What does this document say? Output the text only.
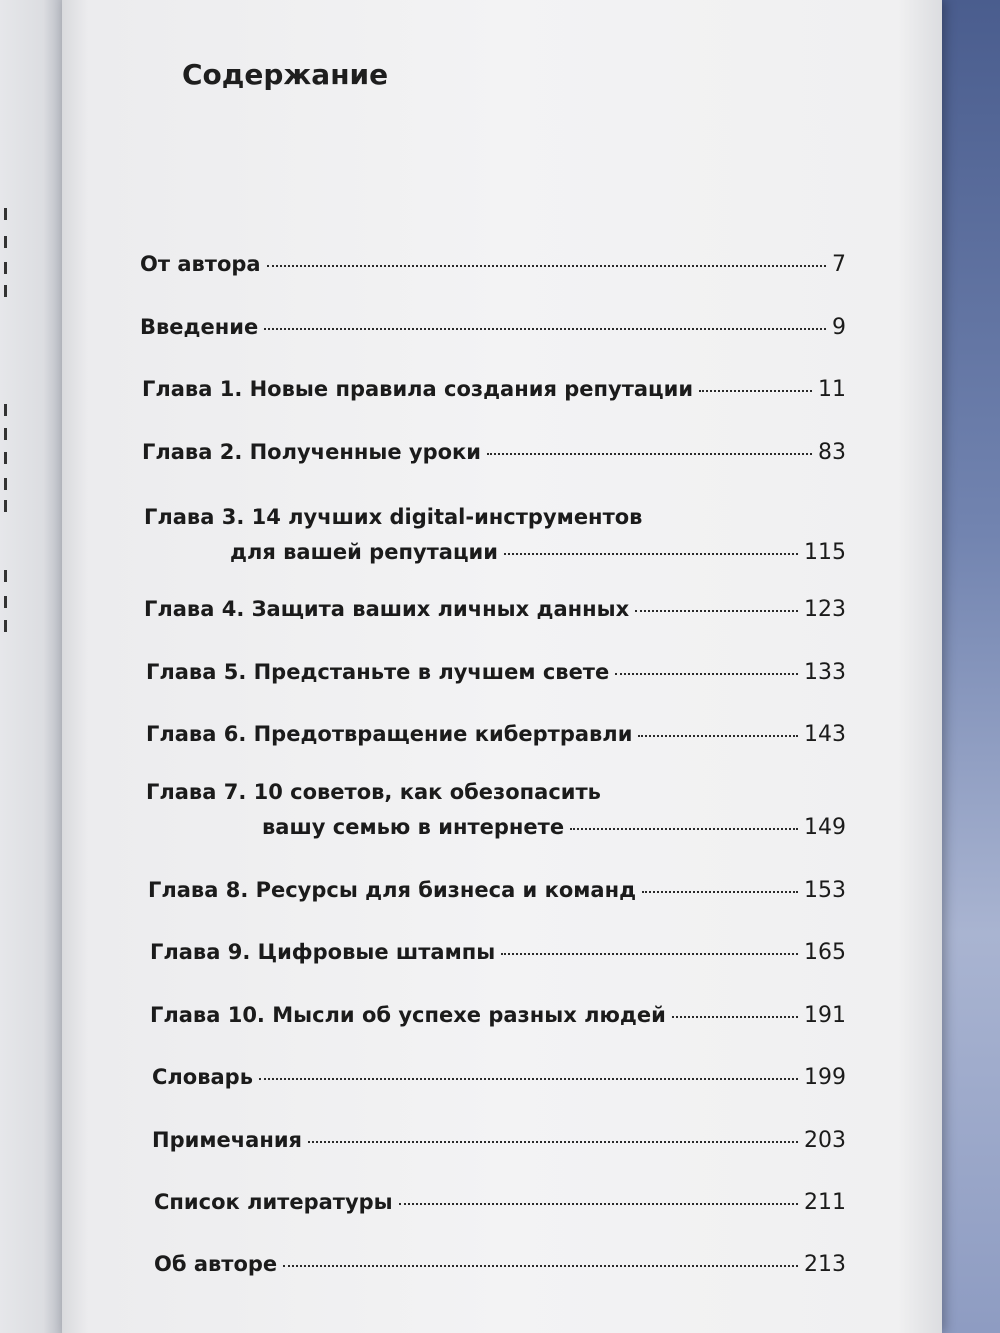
Содержание
От автора	7
Введение	9
Глава 1. Новые правила создания репутации	11
Глава 2. Полученные уроки	83
Глава 3. 14 лучших digital-инструментов
для вашей репутации	115
Глава 4. Защита ваших личных данных	123
Глава 5. Предстаньте в лучшем свете	133
Глава 6. Предотвращение кибертравли	143
Глава 7. 10 советов, как обезопасить
вашу семью в интернете	149
Глава 8. Ресурсы для бизнеса и команд	153
Глава 9. Цифровые штампы	165
Глава 10. Мысли об успехе разных людей	191
Словарь	199
Примечания	203
Список литературы	211
Об авторе	213
